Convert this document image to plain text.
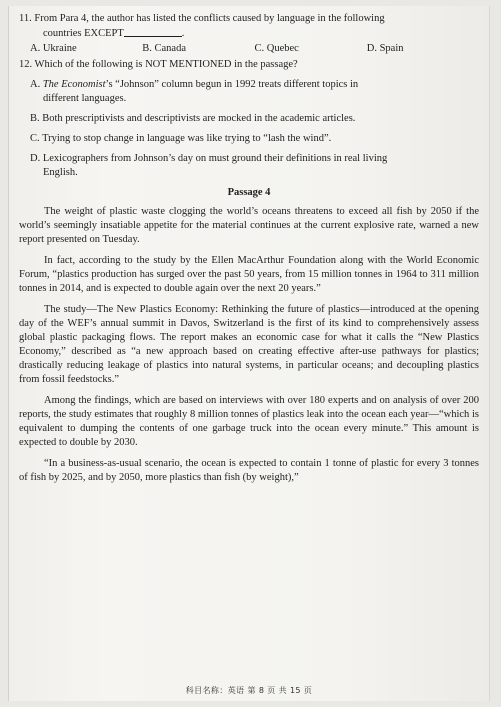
11. From Para 4, the author has listed the conflicts caused by language in the following
countries EXCEPT	.
A. Ukraine	B. Canada	C. Quebec	D. Spain
12. Which of the following is NOT MENTIONED in the passage?
A. The Economist’s “Johnson” column begun in 1992 treats different topics in
different languages.
B. Both prescriptivists and descriptivists are mocked in the academic articles.
C. Trying to stop change in language was like trying to “lash the wind”.
D. Lexicographers from Johnson’s day on must ground their definitions in real living
English.
Passage 4

The weight of plastic waste clogging the world’s oceans threatens to exceed all fish by 2050 if the world’s seemingly insatiable appetite for the material continues at the current explosive rate, warned a new report presented on Tuesday.

In fact, according to the study by the Ellen MacArthur Foundation along with the World Economic Forum, “plastics production has surged over the past 50 years, from 15 million tonnes in 1964 to 311 million tonnes in 2014, and is expected to double again over the next 20 years.”

The study—The New Plastics Economy: Rethinking the future of plastics—introduced at the opening day of the WEF’s annual summit in Davos, Switzerland is the first of its kind to comprehensively assess global plastic packaging flows. The report makes an economic case for what it calls the “New Plastics Economy,” described as “a new approach based on creating effective after-use pathways for plastics; drastically reducing leakage of plastics into natural systems, in particular oceans; and decoupling plastics from fossil feedstocks.”

Among the findings, which are based on interviews with over 180 experts and on analysis of over 200 reports, the study estimates that roughly 8 million tonnes of plastics leak into the ocean each year—“which is equivalent to dumping the contents of one garbage truck into the ocean every minute.” This amount is expected to double by 2030.

“In a business-as-usual scenario, the ocean is expected to contain 1 tonne of plastic for every 3 tonnes of fish by 2025, and by 2050, more plastics than fish (by weight),”

科目名称：英语 第 8 页 共 15 页
